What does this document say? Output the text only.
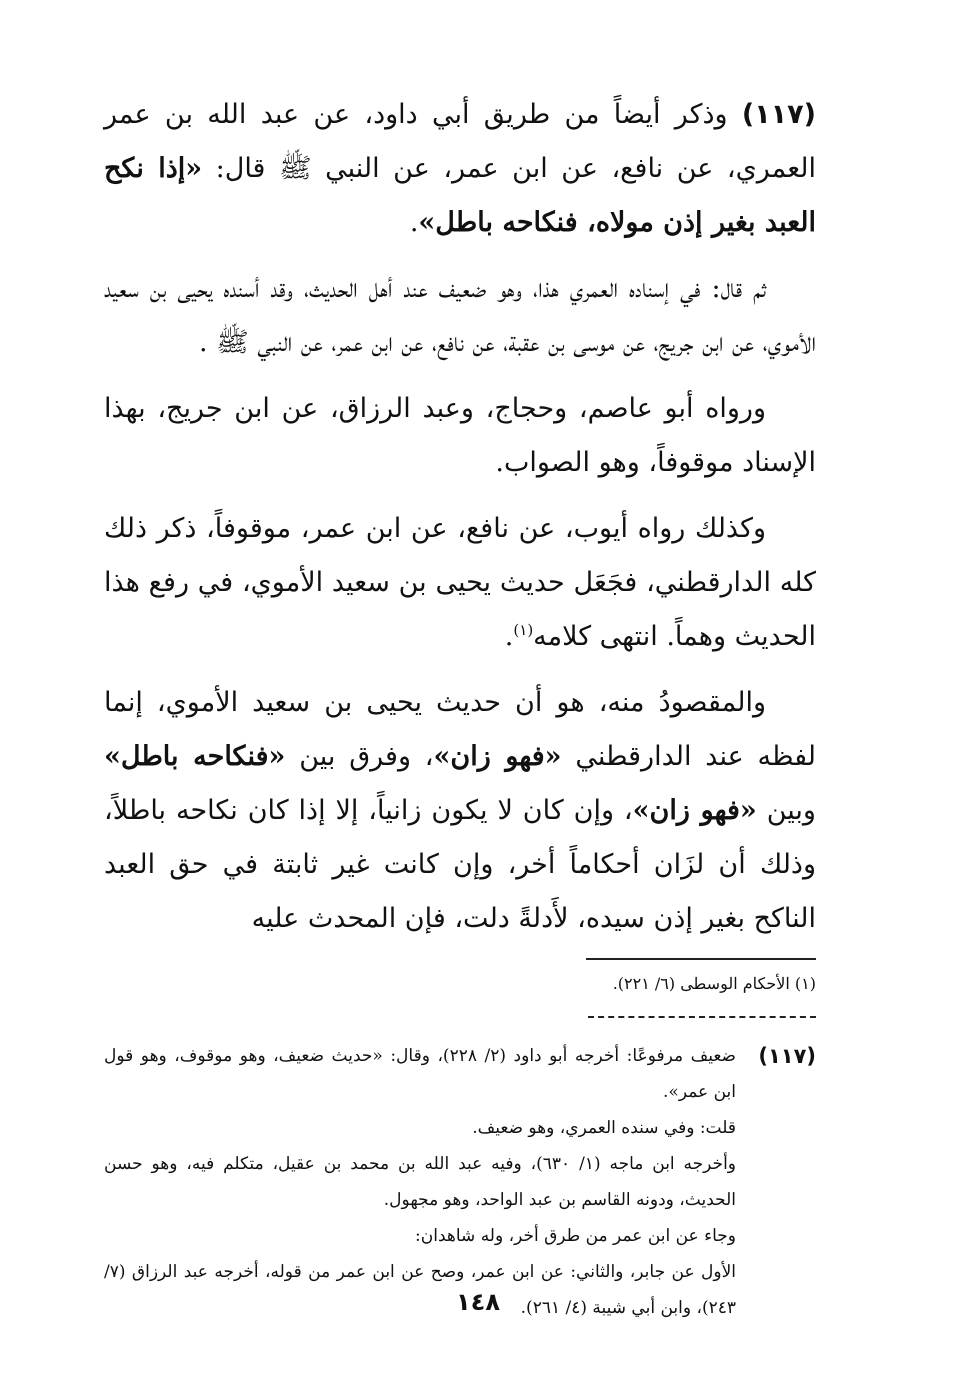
(١١٧) وذكر أيضاً من طريق أبي داود، عن عبد الله بن عمر العمري، عن نافع، عن ابن عمر، عن النبي ﷺ قال: «إذا نكح العبد بغير إذن مولاه، فنكاحه باطل».

ثم قال: في إسناده العمري هذا، وهو ضعيف عند أهل الحديث، وقد أسنده يحيى بن سعيد الأموي، عن ابن جريج، عن موسى بن عقبة، عن نافع، عن ابن عمر، عن النبي ﷺ .

ورواه أبو عاصم، وحجاج، وعبد الرزاق، عن ابن جريج، بهذا الإسناد موقوفاً، وهو الصواب.

وكذلك رواه أيوب، عن نافع، عن ابن عمر، موقوفاً، ذكر ذلك كله الدارقطني، فجَعَل حديث يحيى بن سعيد الأموي، في رفع هذا الحديث وهماً. انتهى كلامه$^{(١)}$.

والمقصودُ منه، هو أن حديث يحيى بن سعيد الأموي، إنما لفظه عند الدارقطني «فهو زان»، وفرق بين «فنكاحه باطل» وبين «فهو زان»، وإن كان لا يكون زانياً، إلا إذا كان نكاحه باطلاً، وذلك أن لزَان أحكاماً أخر، وإن كانت غير ثابتة في حق العبد الناكح بغير إذن سيده، لأَدلةً دلت، فإن المحدث عليه

(١) الأحكام الوسطى (٦/ ٢٢١).

(١١٧)

ضعيف مرفوعًا: أخرجه أبو داود (٢/ ٢٢٨)، وقال: «حديث ضعيف، وهو موقوف، وهو قول ابن عمر».

قلت: وفي سنده العمري، وهو ضعيف.

وأخرجه ابن ماجه (١/ ٦٣٠)، وفيه عبد الله بن محمد بن عقيل، متكلم فيه، وهو حسن الحديث، ودونه القاسم بن عبد الواحد، وهو مجهول.

وجاء عن ابن عمر من طرق أخر، وله شاهدان:

الأول عن جابر، والثاني: عن ابن عمر، وصح عن ابن عمر من قوله، أخرجه عبد الرزاق (٧/ ٢٤٣)، وابن أبي شيبة (٤/ ٢٦١).

١٤٨
